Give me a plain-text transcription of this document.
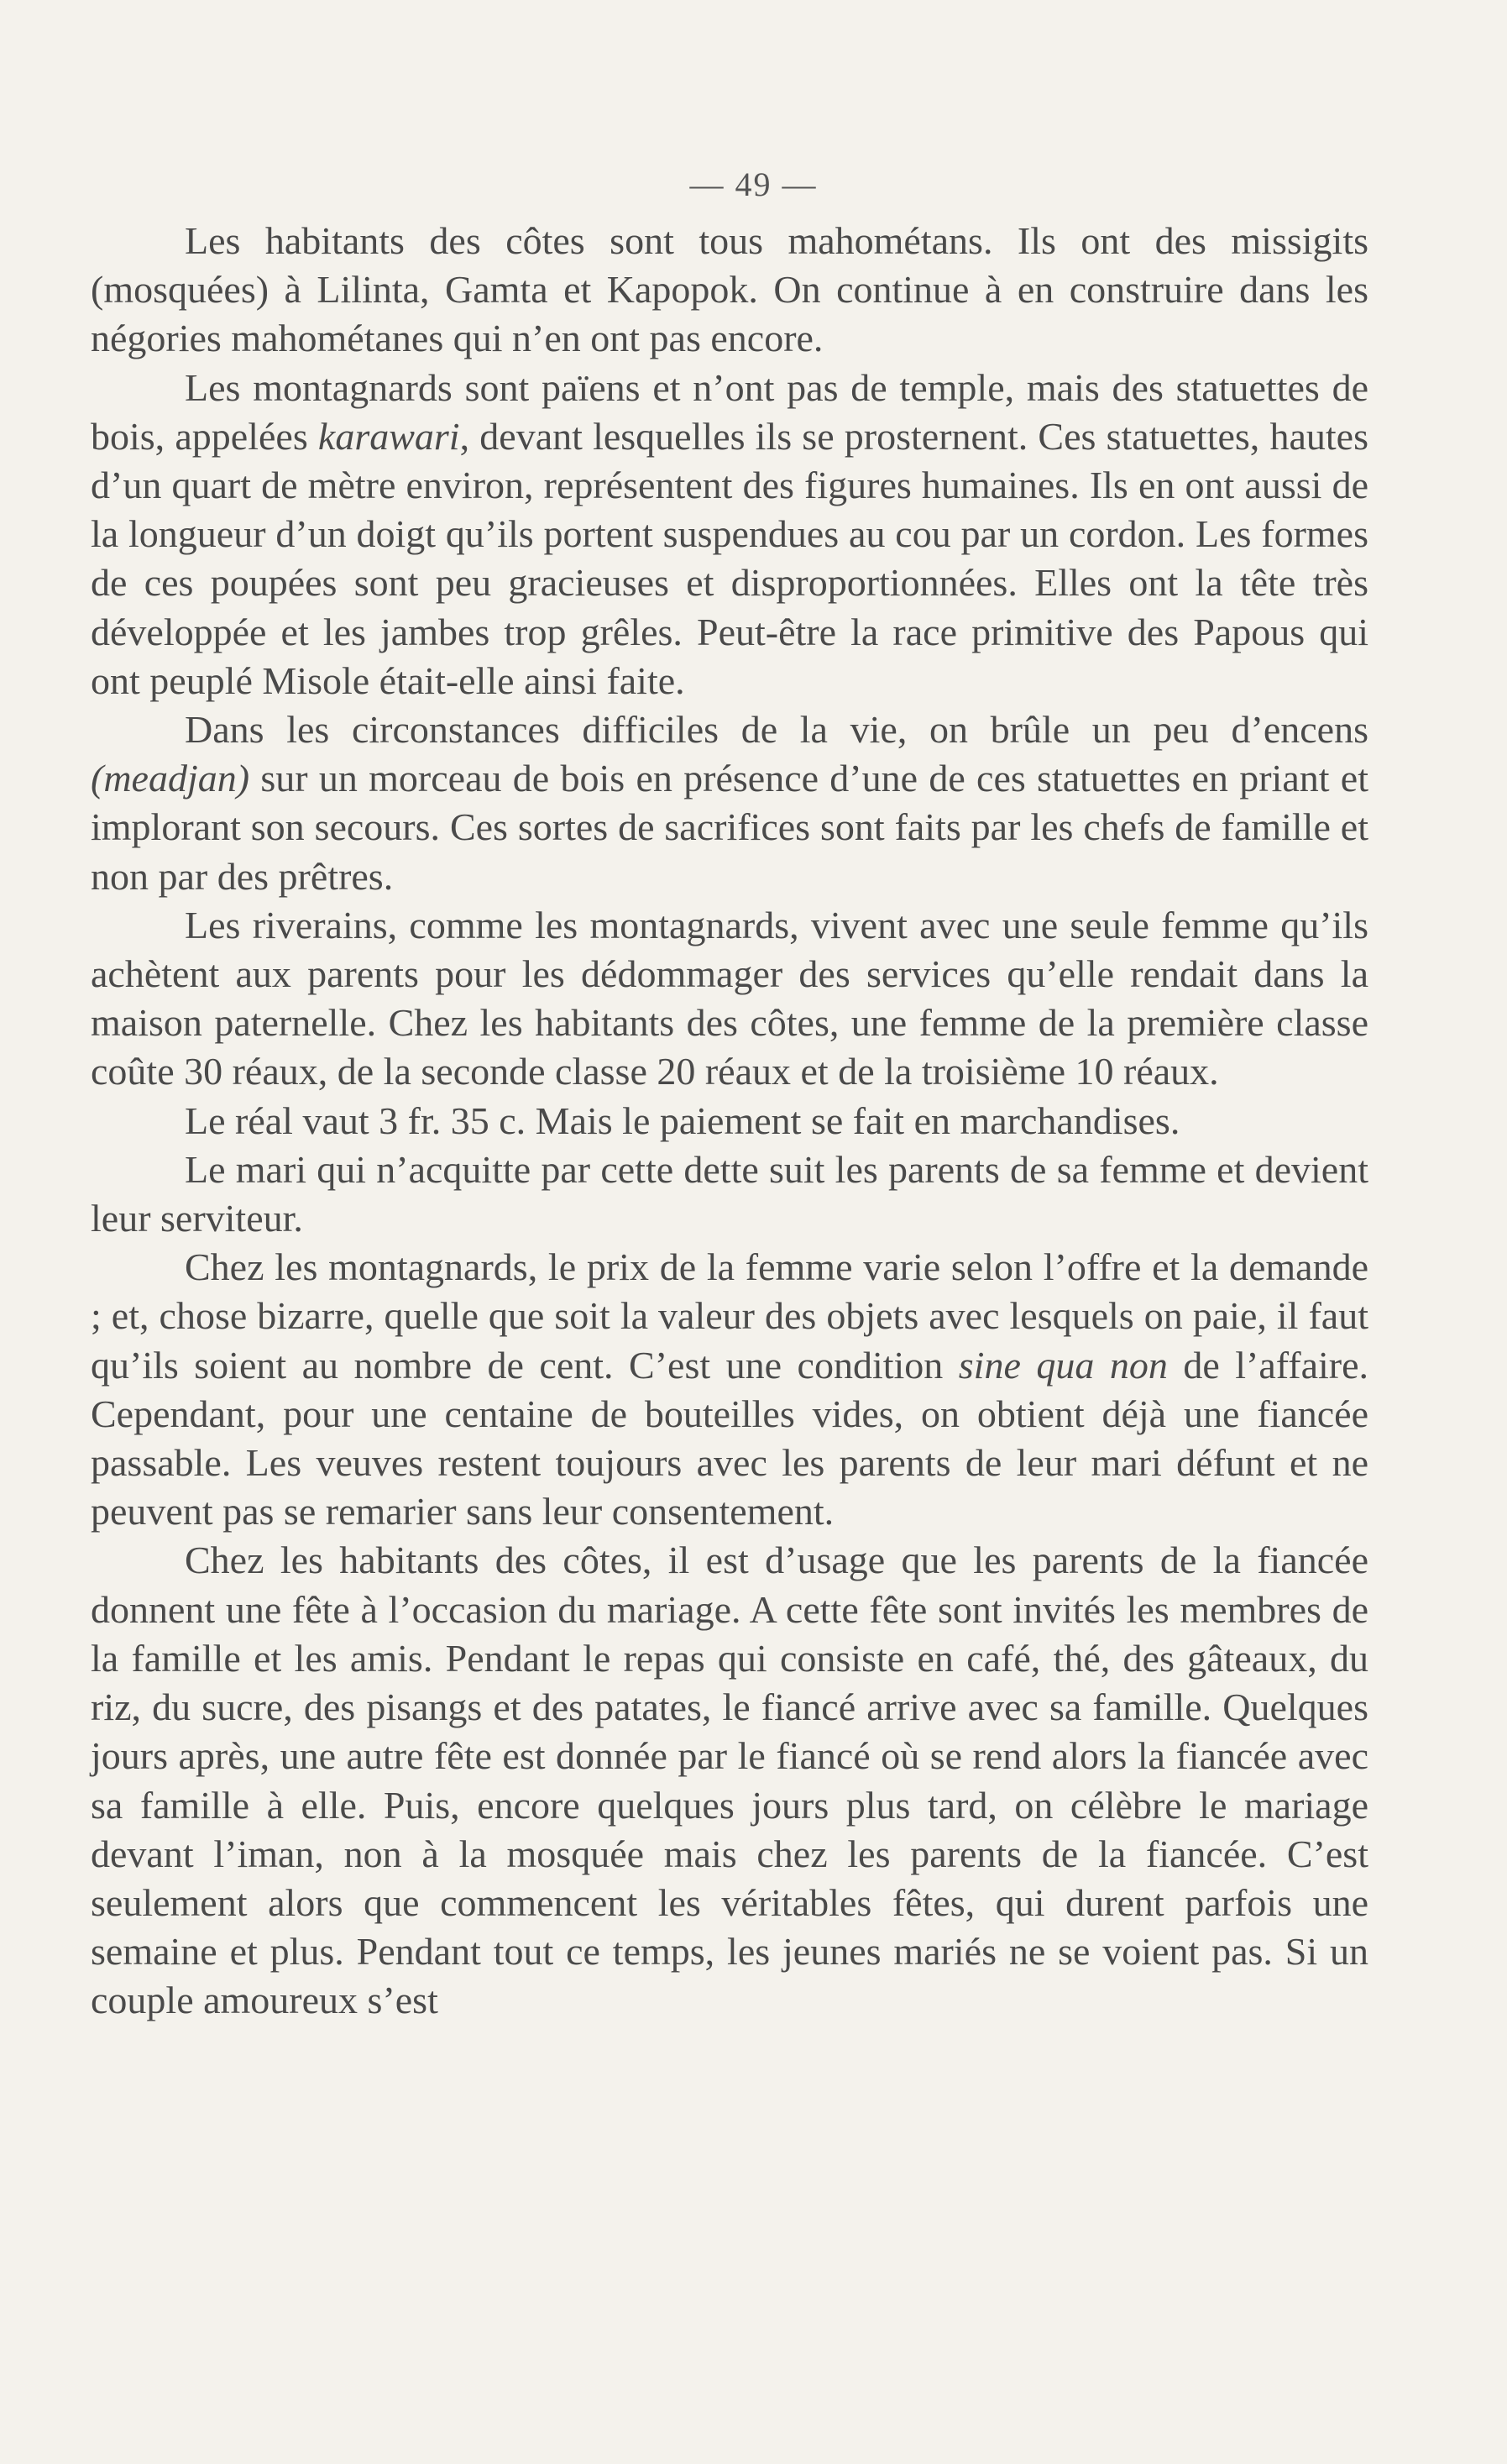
— 49 —

Les habitants des côtes sont tous mahométans. Ils ont des missigits (mosquées) à Lilinta, Gamta et Kapopok. On continue à en construire dans les négories mahométanes qui n’en ont pas encore.

Les montagnards sont païens et n’ont pas de temple, mais des statuettes de bois, appelées karawari, devant lesquelles ils se prosternent. Ces statuettes, hautes d’un quart de mètre environ, représentent des figures humaines. Ils en ont aussi de la longueur d’un doigt qu’ils portent suspendues au cou par un cordon. Les formes de ces poupées sont peu gracieuses et disproportionnées. Elles ont la tête très développée et les jambes trop grêles. Peut-être la race primitive des Papous qui ont peuplé Misole était-elle ainsi faite.

Dans les circonstances difficiles de la vie, on brûle un peu d’encens (meadjan) sur un morceau de bois en présence d’une de ces statuettes en priant et implorant son secours. Ces sortes de sacrifices sont faits par les chefs de famille et non par des prêtres.

Les riverains, comme les montagnards, vivent avec une seule femme qu’ils achètent aux parents pour les dédommager des services qu’elle rendait dans la maison paternelle. Chez les habitants des côtes, une femme de la première classe coûte 30 réaux, de la seconde classe 20 réaux et de la troisième 10 réaux.

Le réal vaut 3 fr. 35 c. Mais le paiement se fait en marchandises.

Le mari qui n’acquitte par cette dette suit les parents de sa femme et devient leur serviteur.

Chez les montagnards, le prix de la femme varie selon l’offre et la demande ; et, chose bizarre, quelle que soit la valeur des objets avec lesquels on paie, il faut qu’ils soient au nombre de cent. C’est une condition sine qua non de l’affaire. Cependant, pour une centaine de bouteilles vides, on obtient déjà une fiancée passable. Les veuves restent toujours avec les parents de leur mari défunt et ne peuvent pas se remarier sans leur consentement.

Chez les habitants des côtes, il est d’usage que les parents de la fiancée donnent une fête à l’occasion du mariage. A cette fête sont invités les membres de la famille et les amis. Pendant le repas qui consiste en café, thé, des gâteaux, du riz, du sucre, des pisangs et des patates, le fiancé arrive avec sa famille. Quelques jours après, une autre fête est donnée par le fiancé où se rend alors la fiancée avec sa famille à elle. Puis, encore quelques jours plus tard, on célèbre le mariage devant l’iman, non à la mosquée mais chez les parents de la fiancée. C’est seulement alors que commencent les véritables fêtes, qui durent parfois une semaine et plus. Pendant tout ce temps, les jeunes mariés ne se voient pas. Si un couple amoureux s’est
